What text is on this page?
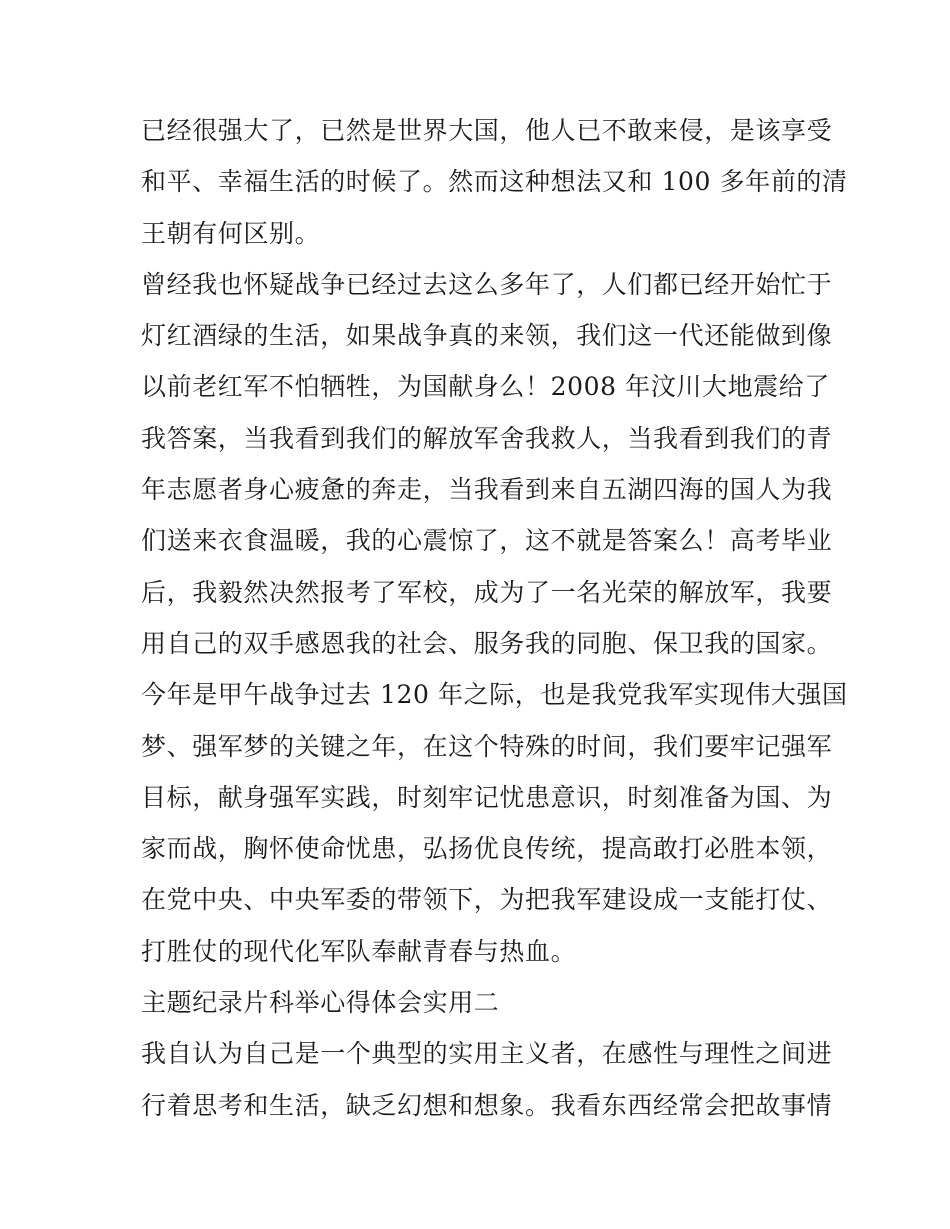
已经很强大了，已然是世界大国，他人已不敢来侵，是该享受
和平、幸福生活的时候了。然而这种想法又和 100 多年前的清
王朝有何区别。
曾经我也怀疑战争已经过去这么多年了，人们都已经开始忙于
灯红酒绿的生活，如果战争真的来领，我们这一代还能做到像
以前老红军不怕牺牲，为国献身么！2008 年汶川大地震给了
我答案，当我看到我们的解放军舍我救人，当我看到我们的青
年志愿者身心疲惫的奔走，当我看到来自五湖四海的国人为我
们送来衣食温暖，我的心震惊了，这不就是答案么！高考毕业
后，我毅然决然报考了军校，成为了一名光荣的解放军，我要
用自己的双手感恩我的社会、服务我的同胞、保卫我的国家。
今年是甲午战争过去 120 年之际，也是我党我军实现伟大强国
梦、强军梦的关键之年，在这个特殊的时间，我们要牢记强军
目标，献身强军实践，时刻牢记忧患意识，时刻准备为国、为
家而战，胸怀使命忧患，弘扬优良传统，提高敢打必胜本领，
在党中央、中央军委的带领下，为把我军建设成一支能打仗、
打胜仗的现代化军队奉献青春与热血。
主题纪录片科举心得体会实用二
我自认为自己是一个典型的实用主义者，在感性与理性之间进
行着思考和生活，缺乏幻想和想象。我看东西经常会把故事情
